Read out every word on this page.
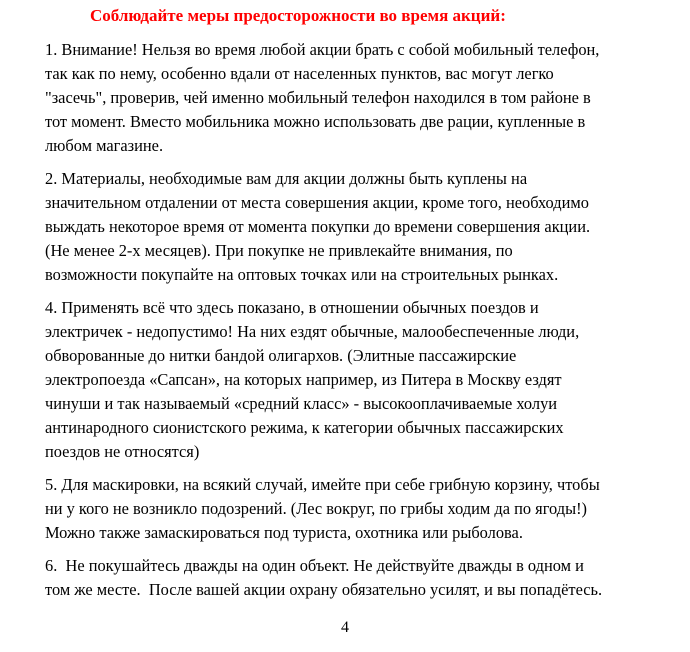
Соблюдайте меры предосторожности во время акций:
1. Внимание! Нельзя во время любой акции брать с собой мобильный телефон,
так как по нему, особенно вдали от населенных пунктов, вас могут легко
"засечь", проверив, чей именно мобильный телефон находился в том районе в
тот момент. Вместо мобильника можно использовать две рации, купленные в
любом магазине.
2. Материалы, необходимые вам для акции должны быть куплены на
значительном отдалении от места совершения акции, кроме того, необходимо
выждать некоторое время от момента покупки до времени совершения акции.
(Не менее 2-х месяцев). При покупке не привлекайте внимания, по
возможности покупайте на оптовых точках или на строительных рынках.
4. Применять всё что здесь показано, в отношении обычных поездов и
электричек - недопустимо! На них ездят обычные, малообеспеченные люди,
обворованные до нитки бандой олигархов. (Элитные пассажирские
электропоезда «Сапсан», на которых например, из Питера в Москву ездят
чинуши и так называемый «средний класс» - высокооплачиваемые холуи
антинародного сионистского режима, к категории обычных пассажирских
поездов не относятся)
5. Для маскировки, на всякий случай, имейте при себе грибную корзину, чтобы
ни у кого не возникло подозрений. (Лес вокруг, по грибы ходим да по ягоды!)
Можно также замаскироваться под туриста, охотника или рыболова.
6.  Не покушайтесь дважды на один объект. Не действуйте дважды в одном и
том же месте.  После вашей акции охрану обязательно усилят, и вы попадётесь.
4
